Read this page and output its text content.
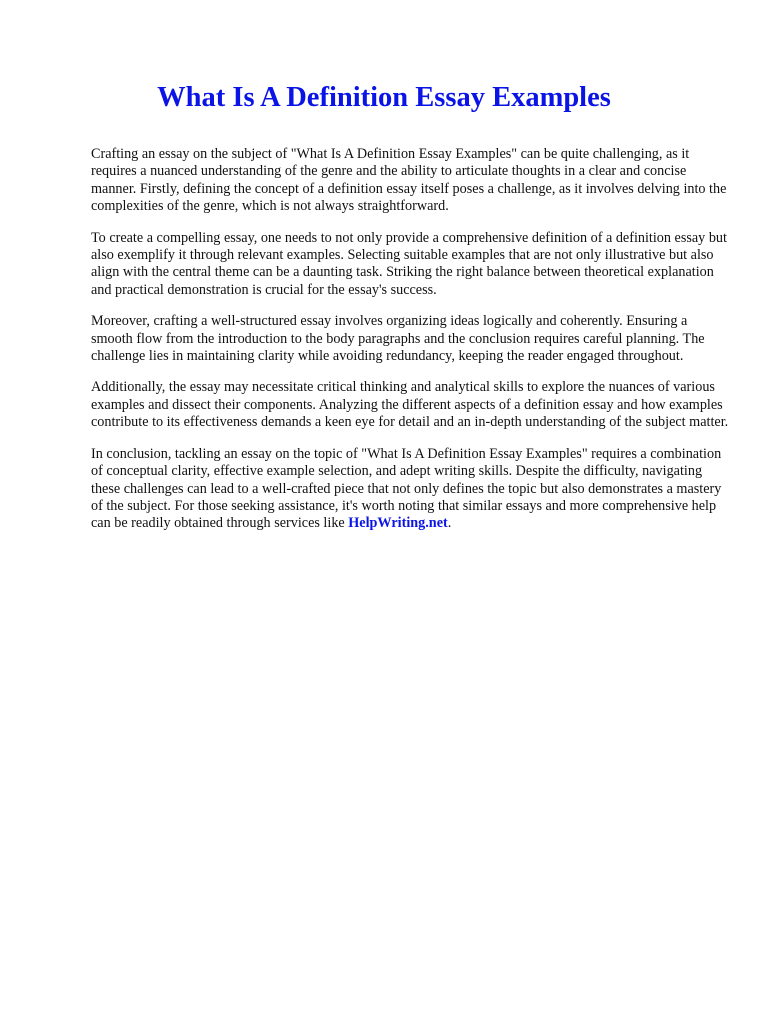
What Is A Definition Essay Examples

Crafting an essay on the subject of "What Is A Definition Essay Examples" can be quite challenging, as it requires a nuanced understanding of the genre and the ability to articulate thoughts in a clear and concise manner. Firstly, defining the concept of a definition essay itself poses a challenge, as it involves delving into the complexities of the genre, which is not always straightforward.

To create a compelling essay, one needs to not only provide a comprehensive definition of a definition essay but also exemplify it through relevant examples. Selecting suitable examples that are not only illustrative but also align with the central theme can be a daunting task. Striking the right balance between theoretical explanation and practical demonstration is crucial for the essay's success.

Moreover, crafting a well-structured essay involves organizing ideas logically and coherently. Ensuring a smooth flow from the introduction to the body paragraphs and the conclusion requires careful planning. The challenge lies in maintaining clarity while avoiding redundancy, keeping the reader engaged throughout.

Additionally, the essay may necessitate critical thinking and analytical skills to explore the nuances of various examples and dissect their components. Analyzing the different aspects of a definition essay and how examples contribute to its effectiveness demands a keen eye for detail and an in-depth understanding of the subject matter.

In conclusion, tackling an essay on the topic of "What Is A Definition Essay Examples" requires a combination of conceptual clarity, effective example selection, and adept writing skills. Despite the difficulty, navigating these challenges can lead to a well-crafted piece that not only defines the topic but also demonstrates a mastery of the subject. For those seeking assistance, it's worth noting that similar essays and more comprehensive help can be readily obtained through services like HelpWriting.net.
